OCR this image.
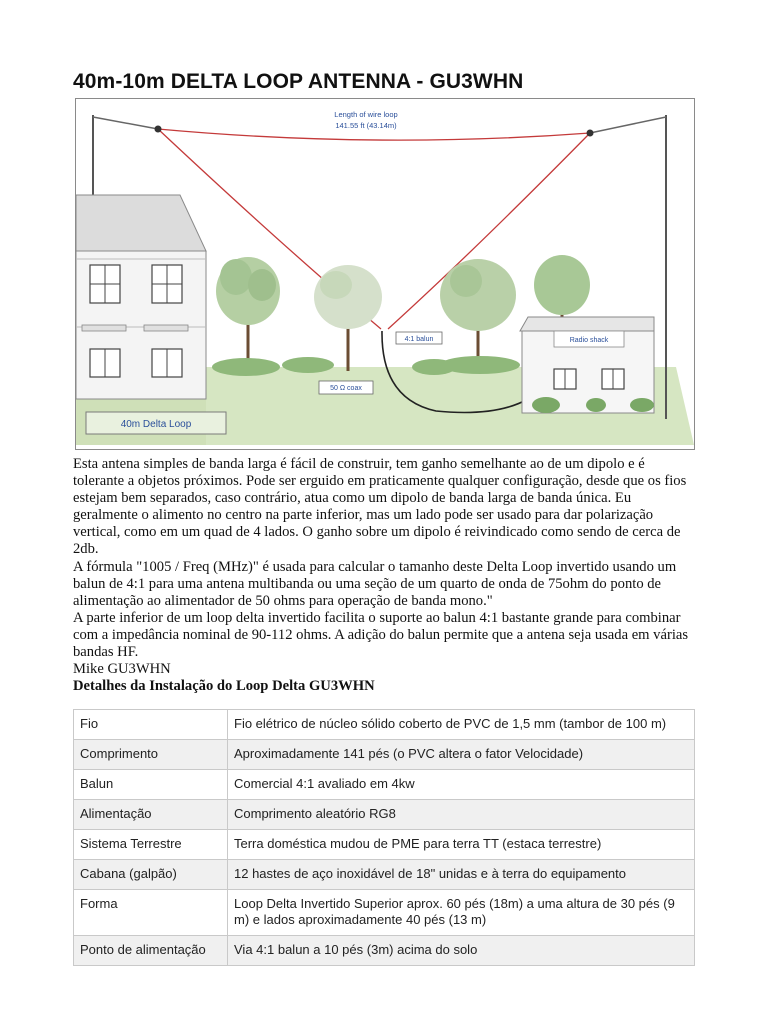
40m-10m DELTA LOOP ANTENNA - GU3WHN
Length of wire loop
141.55 ft (43.14m)
4:1 balun
50 Ω coax
Radio shack
40m Delta Loop

Esta antena simples de banda larga é fácil de construir, tem ganho semelhante ao de um dipolo e é tolerante a objetos próximos. Pode ser erguido em praticamente qualquer configuração, desde que os fios estejam bem separados, caso contrário, atua como um dipolo de banda larga de banda única. Eu geralmente o alimento no centro na parte inferior, mas um lado pode ser usado para dar polarização vertical, como em um quad de 4 lados. O ganho sobre um dipolo é reivindicado como sendo de cerca de 2db.

A fórmula "1005 / Freq (MHz)" é usada para calcular o tamanho deste Delta Loop invertido usando um balun de 4:1 para uma antena multibanda ou uma seção de um quarto de onda de 75ohm do ponto de alimentação ao alimentador de 50 ohms para operação de banda mono."

A parte inferior de um loop delta invertido facilita o suporte ao balun 4:1 bastante grande para combinar com a impedância nominal de 90-112 ohms. A adição do balun permite que a antena seja usada em várias bandas HF.

Mike GU3WHN

Detalhes da Instalação do Loop Delta GU3WHN

Fio	Fio elétrico de núcleo sólido coberto de PVC de 1,5 mm (tambor de 100 m)
Comprimento	Aproximadamente 141 pés (o PVC altera o fator Velocidade)
Balun	Comercial 4:1 avaliado em 4kw
Alimentação	Comprimento aleatório RG8
Sistema Terrestre	Terra doméstica mudou de PME para terra TT (estaca terrestre)
Cabana (galpão)	12 hastes de aço inoxidável de 18" unidas e à terra do equipamento
Forma	Loop Delta Invertido Superior aprox. 60 pés (18m) a uma altura de 30 pés (9 m) e lados aproximadamente 40 pés (13 m)
Ponto de alimentação	Via 4:1 balun a 10 pés (3m) acima do solo
